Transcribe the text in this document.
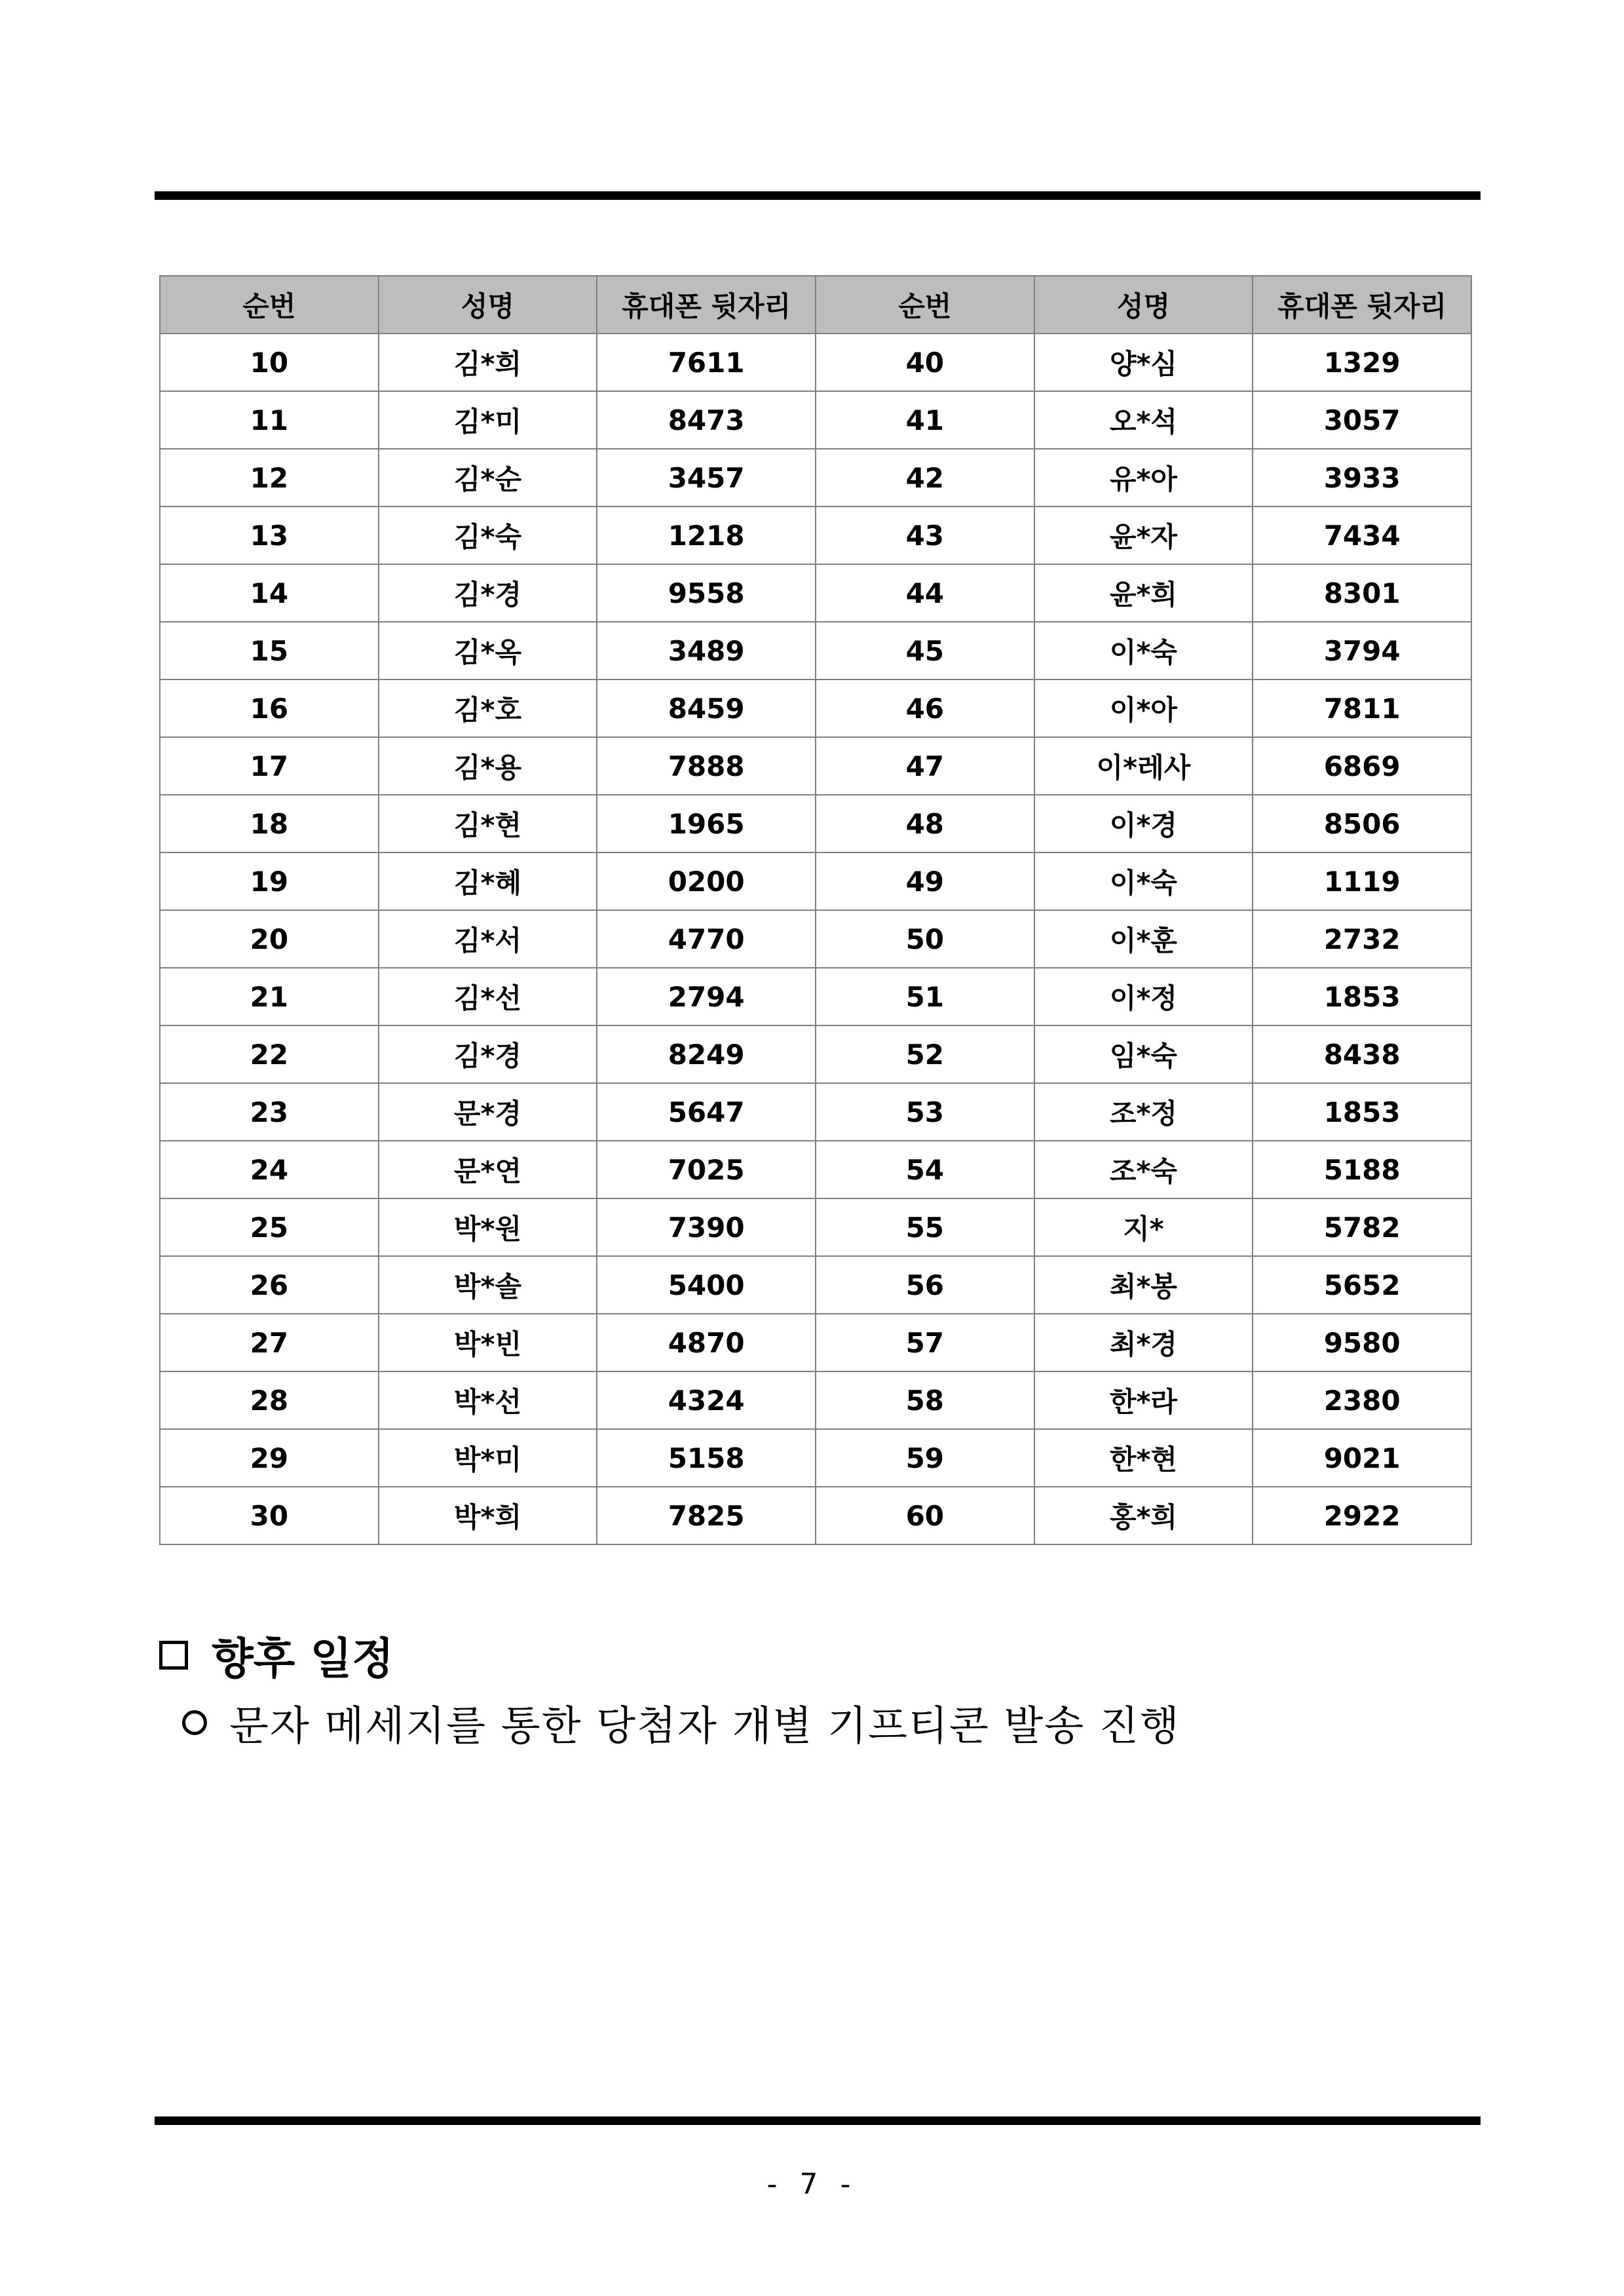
순번	성명	휴대폰 뒷자리	순번	성명	휴대폰 뒷자리
10	김*희	7611	40	양*심	1329
11	김*미	8473	41	오*석	3057
12	김*순	3457	42	유*아	3933
13	김*숙	1218	43	윤*자	7434
14	김*경	9558	44	윤*희	8301
15	김*옥	3489	45	이*숙	3794
16	김*호	8459	46	이*아	7811
17	김*용	7888	47	이*레사	6869
18	김*현	1965	48	이*경	8506
19	김*혜	0200	49	이*숙	1119
20	김*서	4770	50	이*훈	2732
21	김*선	2794	51	이*정	1853
22	김*경	8249	52	임*숙	8438
23	문*경	5647	53	조*정	1853
24	문*연	7025	54	조*숙	5188
25	박*원	7390	55	지*	5782
26	박*솔	5400	56	최*봉	5652
27	박*빈	4870	57	최*경	9580
28	박*선	4324	58	한*라	2380
29	박*미	5158	59	한*현	9021
30	박*희	7825	60	홍*희	2922
향후 일정
문자 메세지를 통한 당첨자 개별 기프티콘 발송 진행
- 7 -
